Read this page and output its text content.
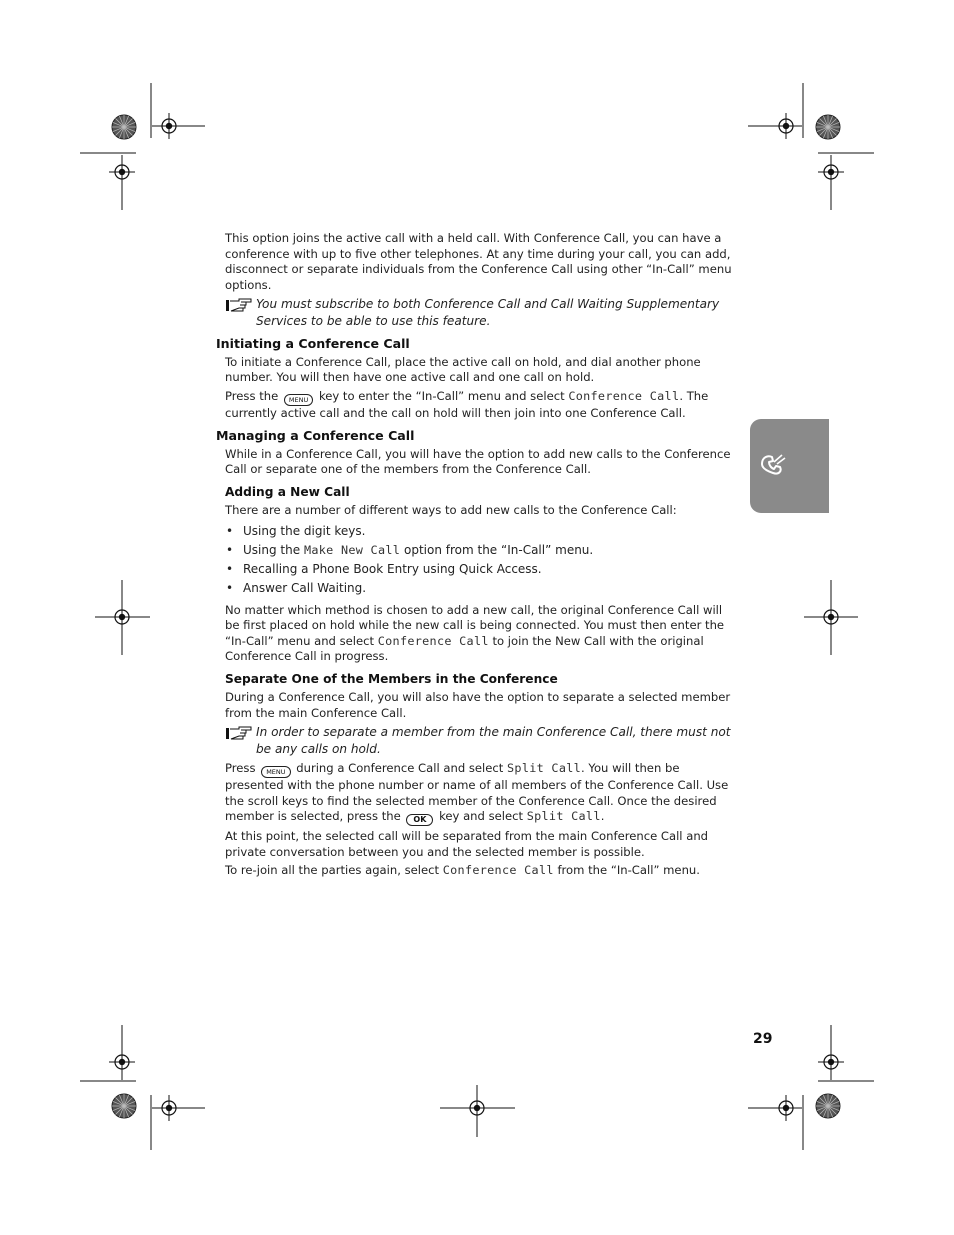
This option joins the active call with a held call. With Conference Call, you can have a conference with up to five other telephones. At any time during your call, you can add, disconnect or separate individuals from the Conference Call using other “In-Call” menu options.

You must subscribe to both Conference Call and Call Waiting Supplementary Services to be able to use this feature.
Initiating a Conference Call

To initiate a Conference Call, place the active call on hold, and dial another phone number. You will then have one active call and one call on hold.

Press the MENU key to enter the “In-Call” menu and select Conference Call. The currently active call and the call on hold will then join into one Conference Call.

Managing a Conference Call

While in a Conference Call, you will have the option to add new calls to the Conference Call or separate one of the members from the Conference Call.

Adding a New Call

There are a number of different ways to add new calls to the Conference Call:

• Using the digit keys.
• Using the Make New Call option from the “In-Call” menu.
• Recalling a Phone Book Entry using Quick Access.
• Answer Call Waiting.

No matter which method is chosen to add a new call, the original Conference Call will be first placed on hold while the new call is being connected. You must then enter the “In-Call” menu and select Conference Call to join the New Call with the original Conference Call in progress.

Separate One of the Members in the Conference

During a Conference Call, you will also have the option to separate a selected member from the main Conference Call.

In order to separate a member from the main Conference Call, there must not be any calls on hold.

Press MENU during a Conference Call and select Split Call. You will then be presented with the phone number or name of all members of the Conference Call. Use the scroll keys to find the selected member of the Conference Call. Once the desired member is selected, press the OK key and select Split Call.

At this point, the selected call will be separated from the main Conference Call and private conversation between you and the selected member is possible.

To re-join all the parties again, select Conference Call from the “In-Call” menu.

29
